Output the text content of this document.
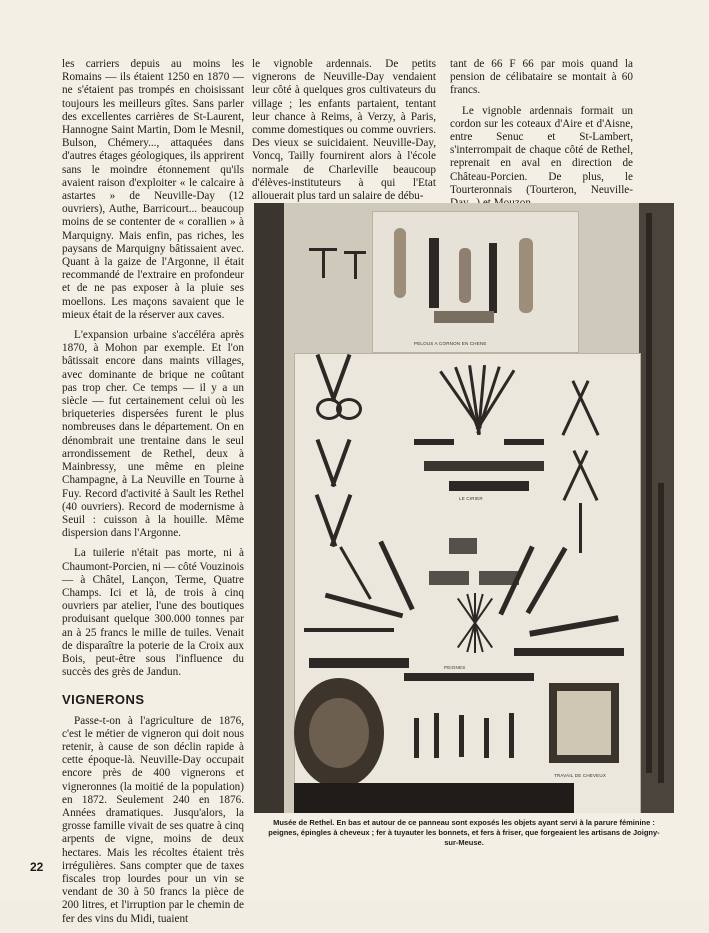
les carriers depuis au moins les Romains — ils étaient 1250 en 1870 — ne s'étaient pas trompés en choisissant toujours les meilleurs gîtes. Sans parler des excellentes carrières de St-Laurent, Hannogne Saint Martin, Dom le Mesnil, Bulson, Chémery..., attaquées dans d'autres étages géologiques, ils apprirent sans le moindre étonnement qu'ils avaient raison d'exploiter « le calcaire à astartes » de Neuville-Day (12 ouvriers), Authe, Barricourt... beaucoup moins de se contenter de « corallien » à Marquigny. Mais enfin, pas riches, les paysans de Marquigny bâtissaient avec. Quant à la gaize de l'Argonne, il était recommandé de l'extraire en profondeur et de ne pas exposer à la pluie ses moellons. Les maçons savaient que le mieux était de la réserver aux caves.

L'expansion urbaine s'accéléra après 1870, à Mohon par exemple. Et l'on bâtissait encore dans maints villages, avec dominante de brique ne coûtant pas trop cher. Ce temps — il y a un siècle — fut certainement celui où les briqueteries dispersées furent le plus nombreuses dans le département. On en dénombrait une trentaine dans le seul arrondissement de Rethel, deux à Mainbressy, une même en pleine Champagne, à La Neuville en Tourne à Fuy. Record d'activité à Sault les Rethel (40 ouvriers). Record de modernisme à Seuil : cuisson à la houille. Même dispersion dans l'Argonne.

La tuilerie n'était pas morte, ni à Chaumont-Porcien, ni — côté Vouzinois — à Châtel, Lançon, Terme, Quatre Champs. Ici et là, de trois à cinq ouvriers par atelier, l'une des boutiques produisant quelque 300.000 tonnes par an à 25 francs le mille de tuiles. Venait de disparaître la poterie de la Croix aux Bois, peut-être sous l'influence du succès des grès de Jandun.

VIGNERONS

Passe-t-on à l'agriculture de 1876, c'est le métier de vigneron qui doit nous retenir, à cause de son déclin rapide à cette époque-là. Neuville-Day occupait encore près de 400 vignerons et vigneronnes (la moitié de la population) en 1872. Seulement 240 en 1876. Années dramatiques. Jusqu'alors, la grosse famille vivait de ses quatre à cinq arpents de vigne, moins de deux hectares. Mais les récoltes étaient très irrégulières. Sans compter que de taxes fiscales trop lourdes pour un vin se vendant de 30 à 50 francs la pièce de 200 litres, et l'irruption par le chemin de fer des vins du Midi, tuaient

le vignoble ardennais. De petits vignerons de Neuville-Day vendaient leur côté à quelques gros cultivateurs du village ; les enfants partaient, tentant leur chance à Reims, à Verzy, à Paris, comme domestiques ou comme ouvriers. Des vieux se suicidaient. Neuville-Day, Voncq, Tailly fournirent alors à l'école normale de Charleville beaucoup d'élèves-instituteurs à qui l'Etat allouerait plus tard un salaire de débu-

tant de 66 F 66 par mois quand la pension de célibataire se montait à 60 francs.

Le vignoble ardennais formait un cordon sur les coteaux d'Aire et d'Aisne, entre Senuc et St-Lambert, s'interrompait de chaque côté de Rethel, reprenait en aval en direction de Château-Porcien. De plus, le Tourteronnais (Tourteron, Neuville-

PELOUS A CORNON EN CHENE
LE CIRIER
PEIGNES
TRAVAIL DE CHEVEUX
Musée de Rethel. En bas et autour de ce panneau sont exposés les objets ayant servi à la parure féminine : peignes, épingles à cheveux ; fer à tuyauter les bonnets, et fers à friser, que forgeaient les artisans de Joigny-sur-Meuse.
22
